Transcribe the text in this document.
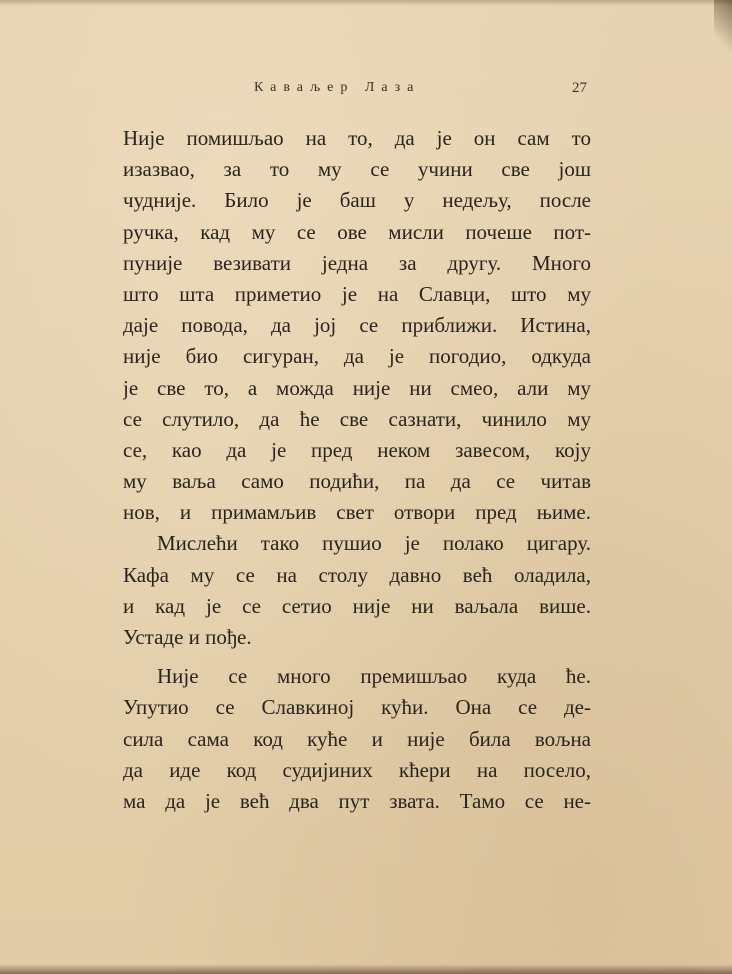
Каваљер Лаза	27
Није помишљао на то, да је он сам то
изазвао, за то му се учини све још
чудније. Било је баш у недељу, после
ручка, кад му се ове мисли почеше пот-
пуније везивати једна за другу. Много
што шта приметио је на Славци, што му
даје повода, да јој се приближи. Истина,
није био сигуран, да је погодио, одкуда
је све то, а можда није ни смео, али му
се слутило, да ће све сазнати, чинило му
се, као да је пред неком завесом, коју
му ваља само подићи, па да се читав
нов, и примамљив свет отвори пред њиме.
Мислећи тако пушио је полако цигару.
Кафа му се на столу давно већ оладила,
и кад је се сетио није ни ваљала више.
Устаде и пође.
Није се много премишљао куда ће.
Упутио се Славкиној кући. Она се де-
сила сама код куће и није била вољна
да иде код судијиних кћери на посело,
ма да је већ два пут звата. Тамо се не-
